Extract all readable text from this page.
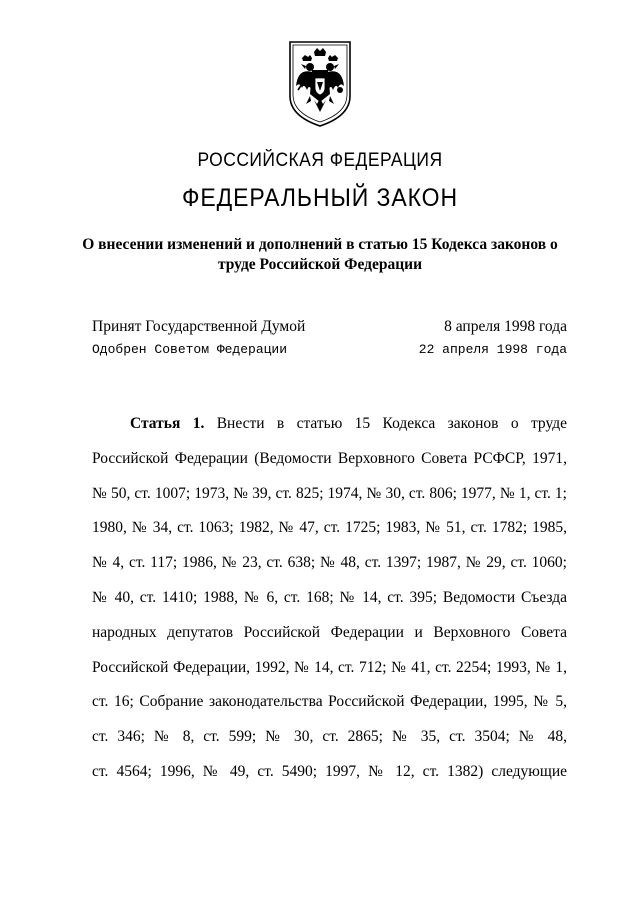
РОССИЙСКАЯ ФЕДЕРАЦИЯ
ФЕДЕРАЛЬНЫЙ ЗАКОН
О внесении изменений и дополнений в статью 15 Кодекса законов о
труде Российской Федерации
Принят Государственной Думой	8 апреля 1998 года
Одобрен Советом Федерации	22 апреля 1998 года
Статья 1. Внести в статью 15 Кодекса законов о труде
Российской Федерации (Ведомости Верховного Совета РСФСР, 1971,
№ 50, ст. 1007; 1973, № 39, ст. 825; 1974, № 30, ст. 806; 1977, № 1, ст. 1;
1980, № 34, ст. 1063; 1982, № 47, ст. 1725; 1983, № 51, ст. 1782; 1985,
№ 4, ст. 117; 1986, № 23, ст. 638; № 48, ст. 1397; 1987, № 29, ст. 1060;
№ 40, ст. 1410; 1988, № 6, ст. 168; № 14, ст. 395; Ведомости Съезда
народных депутатов Российской Федерации и Верховного Совета
Российской Федерации, 1992, № 14, ст. 712; № 41, ст. 2254; 1993, № 1,
ст. 16; Собрание законодательства Российской Федерации, 1995, № 5,
ст. 346; № 8, ст. 599; № 30, ст. 2865; № 35, ст. 3504; № 48,
ст. 4564; 1996, № 49, ст. 5490; 1997, № 12, ст. 1382) следующие
